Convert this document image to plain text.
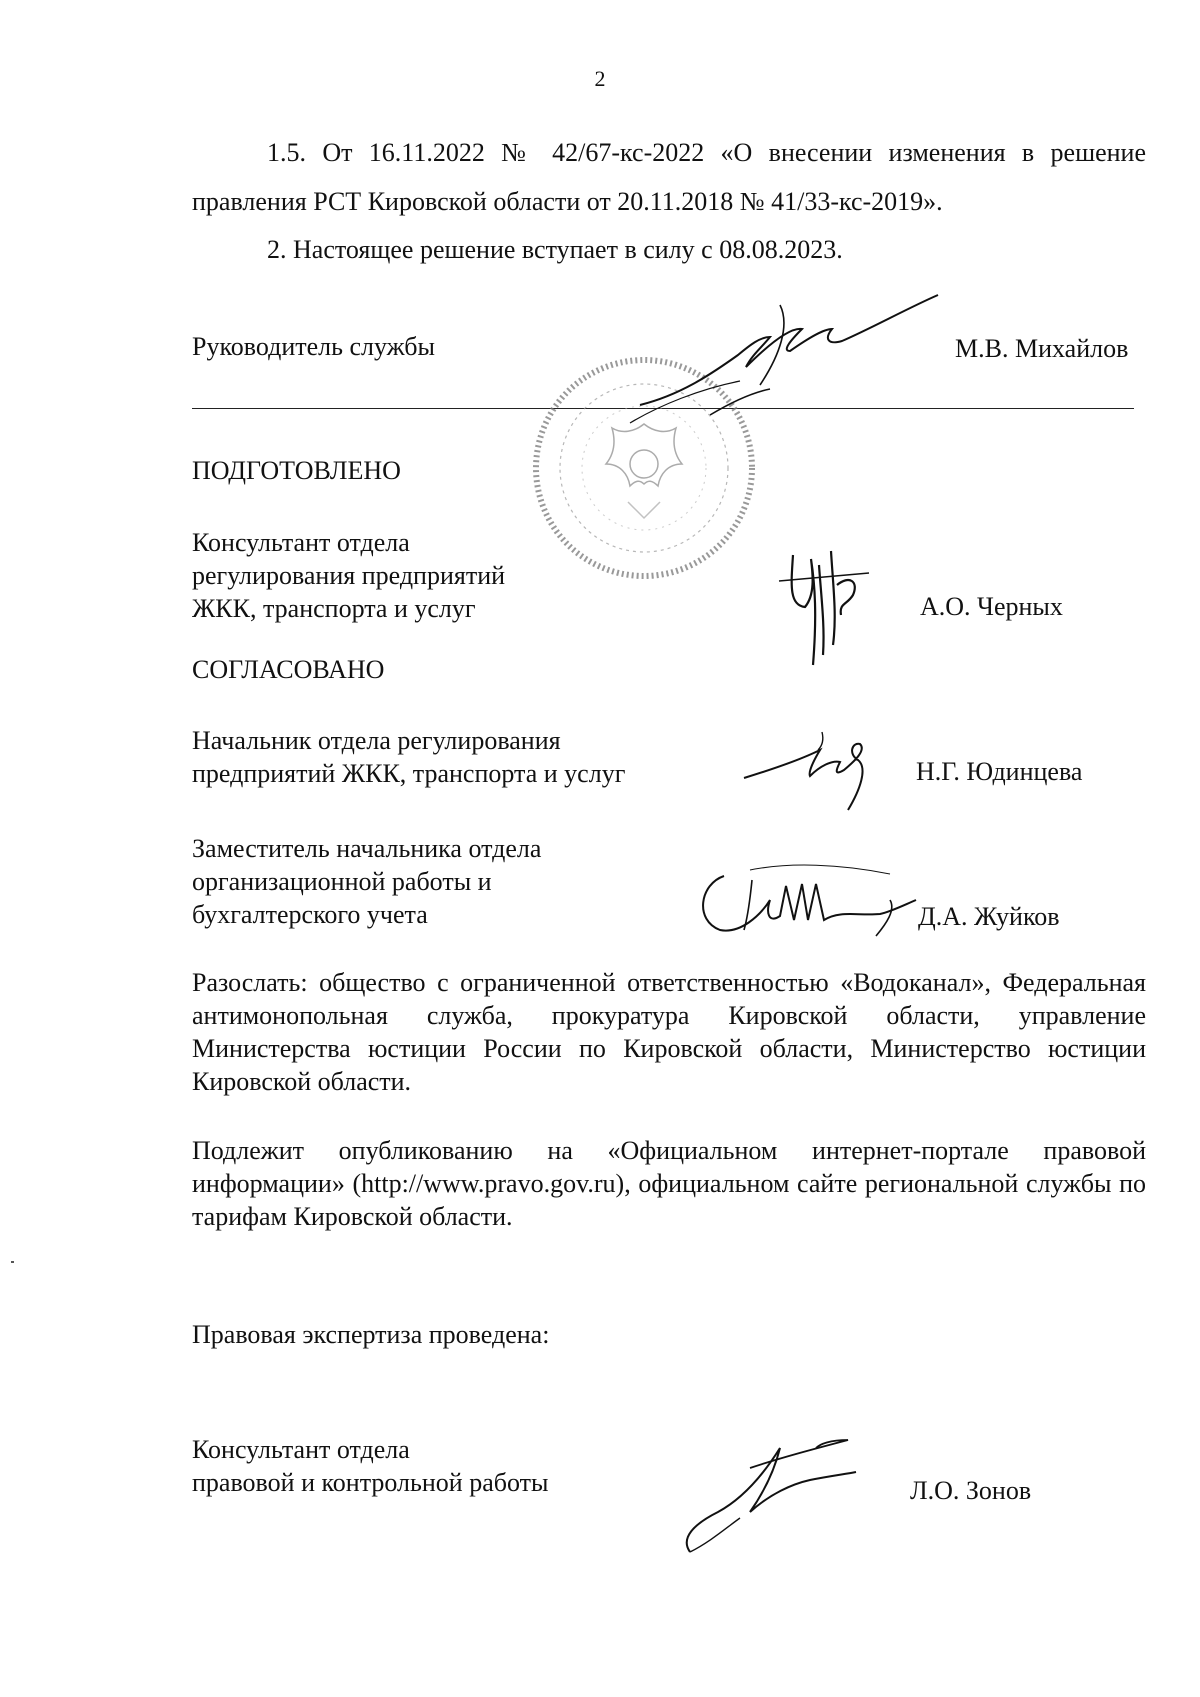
2
1.5. От 16.11.2022 № 42/67-кс-2022 «О внесении изменения в решение правления РСТ Кировской области от 20.11.2018 № 41/33-кс-2019».
2. Настоящее решение вступает в силу с 08.08.2023.
Руководитель службы	М.В. Михайлов
ПОДГОТОВЛЕНО
Консультант отдела
регулирования предприятий
ЖКК, транспорта и услуг	А.О. Черных
СОГЛАСОВАНО
Начальник отдела регулирования
предприятий ЖКК, транспорта и услуг	Н.Г. Юдинцева
Заместитель начальника отдела
организационной работы и
бухгалтерского учета	Д.А. Жуйков
Разослать: общество с ограниченной ответственностью «Водоканал», Федеральная антимонопольная служба, прокуратура Кировской области, управление Министерства юстиции России по Кировской области, Министерство юстиции Кировской области.
Подлежит опубликованию на «Официальном интернет-портале правовой информации» (http://www.pravo.gov.ru), официальном сайте региональной службы по тарифам Кировской области.
Правовая экспертиза проведена:
Консультант отдела
правовой и контрольной работы	Л.О. Зонов
